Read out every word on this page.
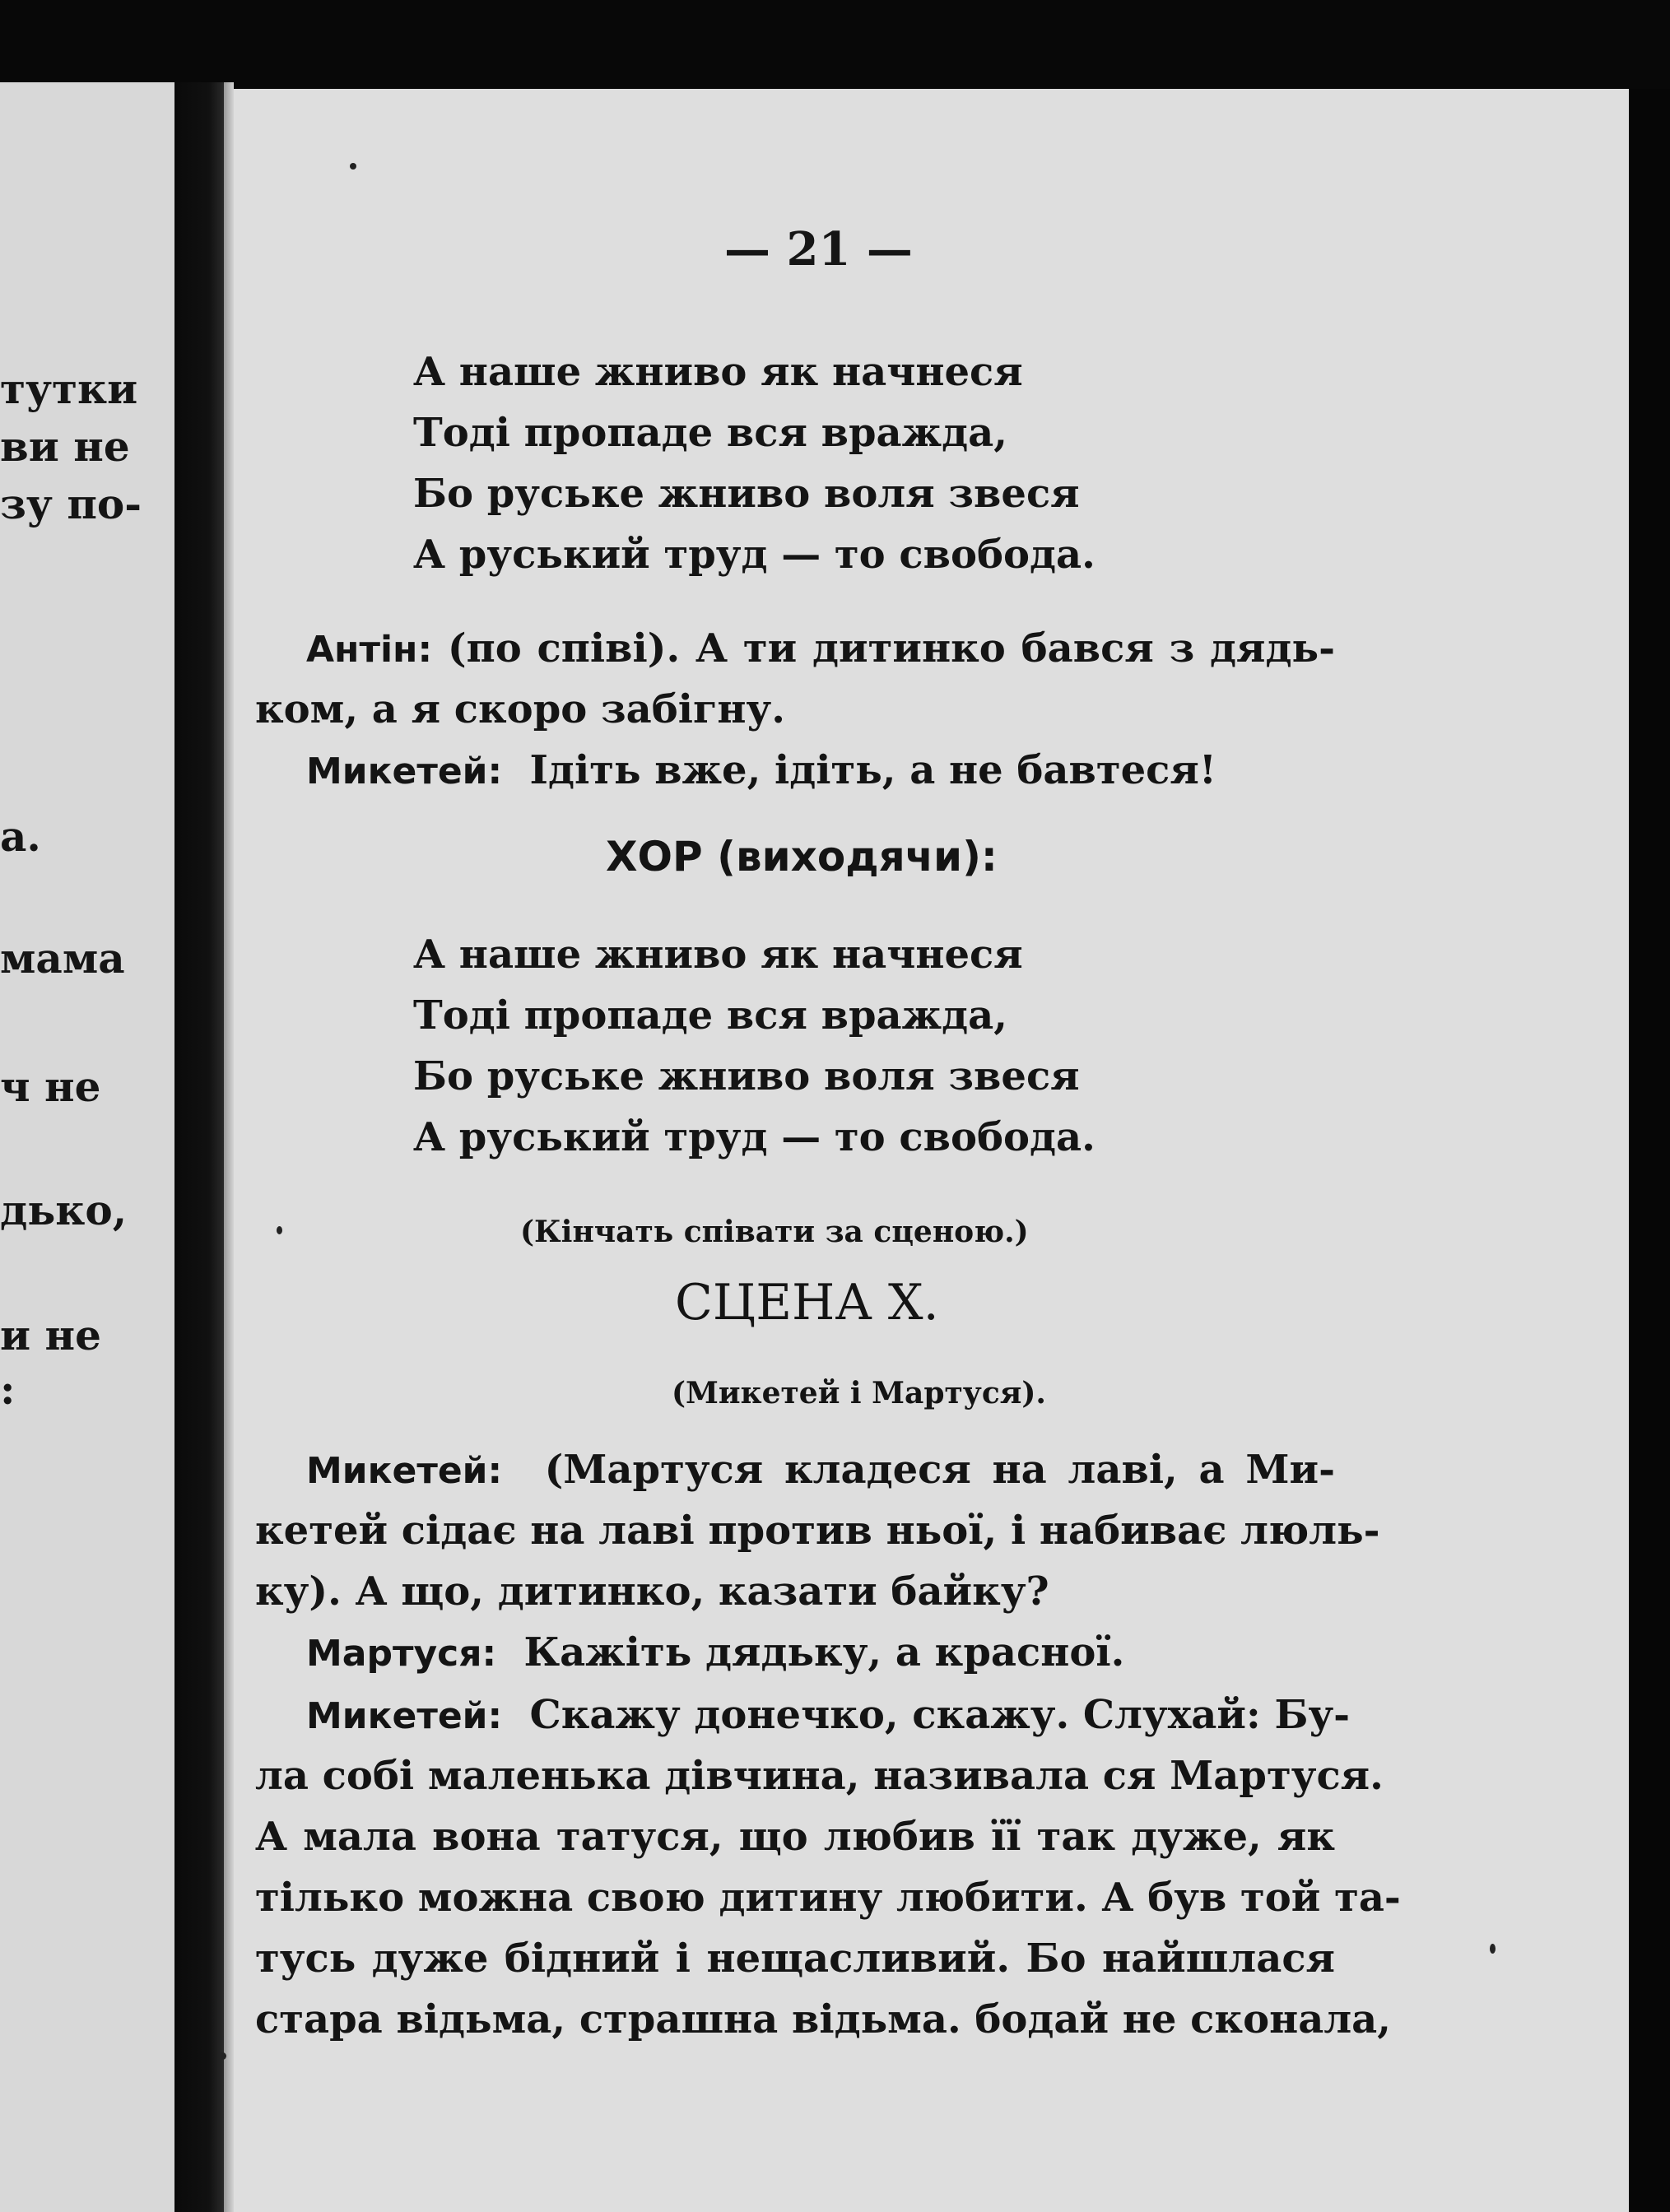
тутки
ви не
зу по-
а.
мама
ч не
дько,
и не
:
— 21 —
А наше жниво як начнеся
Тоді пропаде вся вражда,
Бо руське жниво воля звеся
А руський труд — то свобода.
Антін: (по співі). А ти дитинко бався з дядь-
ком, а я скоро забігну.
Микетей: Ідіть вже, ідіть, а не бавтеся!
ХОР (виходячи):
А наше жниво як начнеся
Тоді пропаде вся вражда,
Бо руське жниво воля звеся
А руський труд — то свобода.
(Кінчать співати за сценою.)
СЦЕНА X.
(Микетей і Мартуся).
Микетей: (Мартуся кладеся на лаві, а Ми-
кетей сідає на лаві против ньої, і набиває люль-
ку). А що, дитинко, казати байку?
Мартуся: Кажіть дядьку, а красної.
Микетей: Скажу донечко, скажу. Слухай: Бу-
ла собі маленька дівчина, називала ся Мартуся.
А мала вона татуся, що любив її так дуже, як
тілько можна свою дитину любити. А був той та-
тусь дуже бідний і нещасливий. Бо найшлася
стара відьма, страшна відьма. бодай не сконала,
